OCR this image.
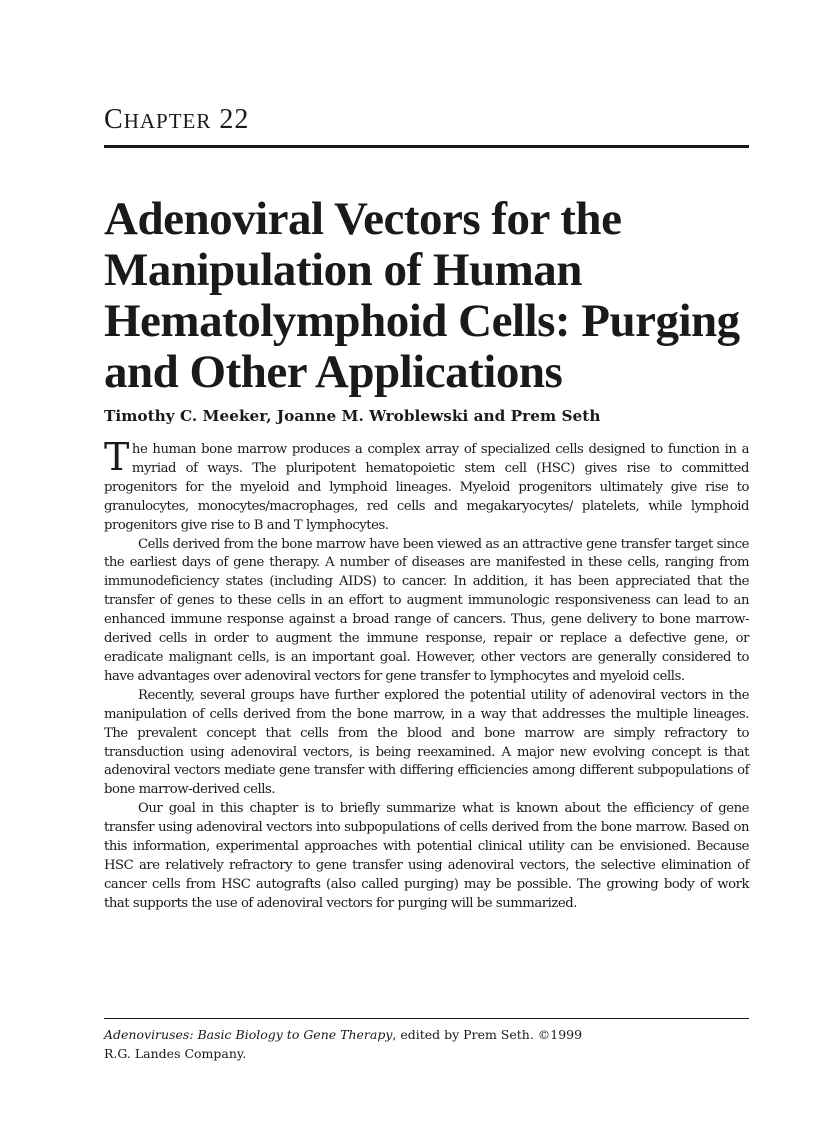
CHAPTER 22
Adenoviral Vectors for the
Manipulation of Human
Hematolymphoid Cells: Purging
and Other Applications

Timothy C. Meeker, Joanne M. Wroblewski and Prem Seth

The human bone marrow produces a complex array of specialized cells designed to function in a myriad of ways. The pluripotent hematopoietic stem cell (HSC) gives rise to committed progenitors for the myeloid and lymphoid lineages. Myeloid progenitors ultimately give rise to granulocytes, monocytes/macrophages, red cells and megakaryocytes/ platelets, while lymphoid progenitors give rise to B and T lymphocytes.

Cells derived from the bone marrow have been viewed as an attractive gene transfer target since the earliest days of gene therapy. A number of diseases are manifested in these cells, ranging from immunodeficiency states (including AIDS) to cancer. In addition, it has been appreciated that the transfer of genes to these cells in an effort to augment immunologic responsiveness can lead to an enhanced immune response against a broad range of cancers. Thus, gene delivery to bone marrow-derived cells in order to augment the immune response, repair or replace a defective gene, or eradicate malignant cells, is an important goal. However, other vectors are generally considered to have advantages over adenoviral vectors for gene transfer to lymphocytes and myeloid cells.

Recently, several groups have further explored the potential utility of adenoviral vectors in the manipulation of cells derived from the bone marrow, in a way that addresses the multiple lineages. The prevalent concept that cells from the blood and bone marrow are simply refractory to transduction using adenoviral vectors, is being reexamined. A major new evolving concept is that adenoviral vectors mediate gene transfer with differing efficiencies among different subpopulations of bone marrow-derived cells.

Our goal in this chapter is to briefly summarize what is known about the efficiency of gene transfer using adenoviral vectors into subpopulations of cells derived from the bone marrow. Based on this information, experimental approaches with potential clinical utility can be envisioned. Because HSC are relatively refractory to gene transfer using adenoviral vectors, the selective elimination of cancer cells from HSC autografts (also called purging) may be possible. The growing body of work that supports the use of adenoviral vectors for purging will be summarized.

Adenoviruses: Basic Biology to Gene Therapy, edited by Prem Seth. ©1999
R.G. Landes Company.
